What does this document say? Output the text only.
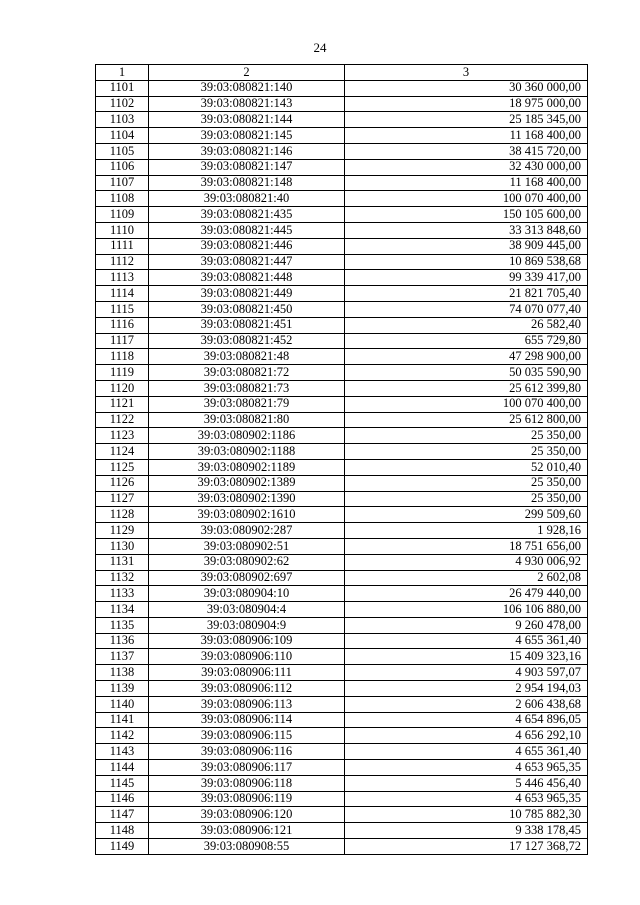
24
1	2	3
1101	39:03:080821:140	30 360 000,00
1102	39:03:080821:143	18 975 000,00
1103	39:03:080821:144	25 185 345,00
1104	39:03:080821:145	11 168 400,00
1105	39:03:080821:146	38 415 720,00
1106	39:03:080821:147	32 430 000,00
1107	39:03:080821:148	11 168 400,00
1108	39:03:080821:40	100 070 400,00
1109	39:03:080821:435	150 105 600,00
1110	39:03:080821:445	33 313 848,60
1111	39:03:080821:446	38 909 445,00
1112	39:03:080821:447	10 869 538,68
1113	39:03:080821:448	99 339 417,00
1114	39:03:080821:449	21 821 705,40
1115	39:03:080821:450	74 070 077,40
1116	39:03:080821:451	26 582,40
1117	39:03:080821:452	655 729,80
1118	39:03:080821:48	47 298 900,00
1119	39:03:080821:72	50 035 590,90
1120	39:03:080821:73	25 612 399,80
1121	39:03:080821:79	100 070 400,00
1122	39:03:080821:80	25 612 800,00
1123	39:03:080902:1186	25 350,00
1124	39:03:080902:1188	25 350,00
1125	39:03:080902:1189	52 010,40
1126	39:03:080902:1389	25 350,00
1127	39:03:080902:1390	25 350,00
1128	39:03:080902:1610	299 509,60
1129	39:03:080902:287	1 928,16
1130	39:03:080902:51	18 751 656,00
1131	39:03:080902:62	4 930 006,92
1132	39:03:080902:697	2 602,08
1133	39:03:080904:10	26 479 440,00
1134	39:03:080904:4	106 106 880,00
1135	39:03:080904:9	9 260 478,00
1136	39:03:080906:109	4 655 361,40
1137	39:03:080906:110	15 409 323,16
1138	39:03:080906:111	4 903 597,07
1139	39:03:080906:112	2 954 194,03
1140	39:03:080906:113	2 606 438,68
1141	39:03:080906:114	4 654 896,05
1142	39:03:080906:115	4 656 292,10
1143	39:03:080906:116	4 655 361,40
1144	39:03:080906:117	4 653 965,35
1145	39:03:080906:118	5 446 456,40
1146	39:03:080906:119	4 653 965,35
1147	39:03:080906:120	10 785 882,30
1148	39:03:080906:121	9 338 178,45
1149	39:03:080908:55	17 127 368,72
